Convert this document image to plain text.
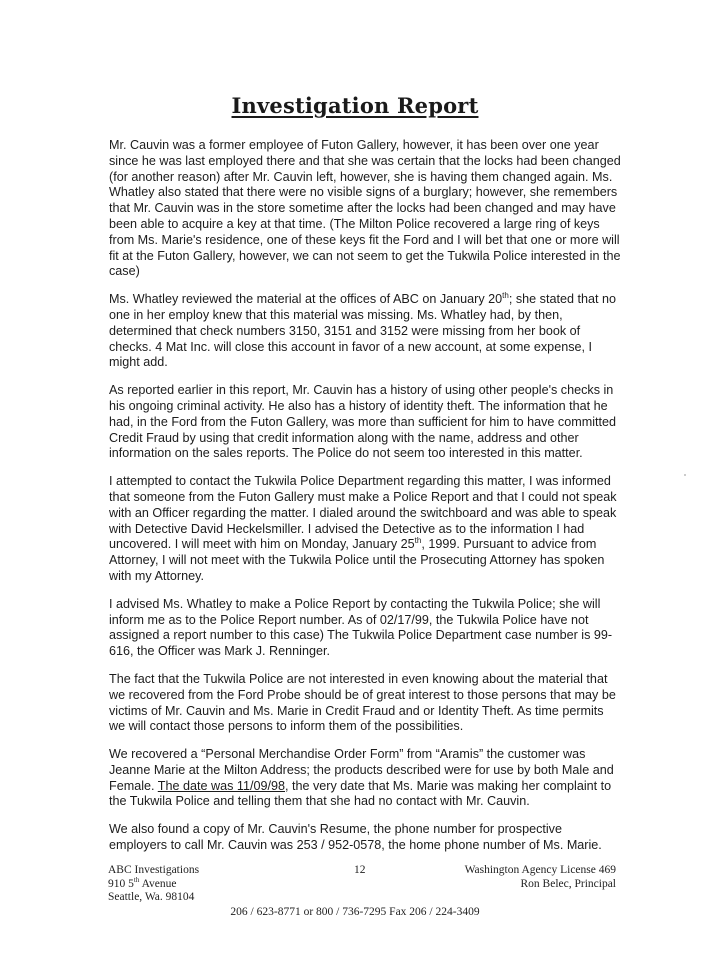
Investigation Report

Mr. Cauvin was a former employee of Futon Gallery, however, it has been over one year since he was last employed there and that she was certain that the locks had been changed (for another reason) after Mr. Cauvin left, however, she is having them changed again. Ms. Whatley also stated that there were no visible signs of a burglary; however, she remembers that Mr. Cauvin was in the store sometime after the locks had been changed and may have been able to acquire a key at that time. (The Milton Police recovered a large ring of keys from Ms. Marie's residence, one of these keys fit the Ford and I will bet that one or more will fit at the Futon Gallery, however, we can not seem to get the Tukwila Police interested in the case)

Ms. Whatley reviewed the material at the offices of ABC on January 20th; she stated that no one in her employ knew that this material was missing. Ms. Whatley had, by then, determined that check numbers 3150, 3151 and 3152 were missing from her book of checks. 4 Mat Inc. will close this account in favor of a new account, at some expense, I might add.

As reported earlier in this report, Mr. Cauvin has a history of using other people's checks in his ongoing criminal activity. He also has a history of identity theft. The information that he had, in the Ford from the Futon Gallery, was more than sufficient for him to have committed Credit Fraud by using that credit information along with the name, address and other information on the sales reports. The Police do not seem too interested in this matter.

I attempted to contact the Tukwila Police Department regarding this matter, I was informed that someone from the Futon Gallery must make a Police Report and that I could not speak with an Officer regarding the matter. I dialed around the switchboard and was able to speak with Detective David Heckelsmiller. I advised the Detective as to the information I had uncovered. I will meet with him on Monday, January 25th, 1999. Pursuant to advice from Attorney, I will not meet with the Tukwila Police until the Prosecuting Attorney has spoken with my Attorney.

I advised Ms. Whatley to make a Police Report by contacting the Tukwila Police; she will inform me as to the Police Report number. As of 02/17/99, the Tukwila Police have not assigned a report number to this case) The Tukwila Police Department case number is 99-616, the Officer was Mark J. Renninger.

The fact that the Tukwila Police are not interested in even knowing about the material that we recovered from the Ford Probe should be of great interest to those persons that may be victims of Mr. Cauvin and Ms. Marie in Credit Fraud and or Identity Theft. As time permits we will contact those persons to inform them of the possibilities.

We recovered a “Personal Merchandise Order Form” from “Aramis” the customer was Jeanne Marie at the Milton Address; the products described were for use by both Male and Female. The date was 11/09/98, the very date that Ms. Marie was making her complaint to the Tukwila Police and telling them that she had no contact with Mr. Cauvin.

We also found a copy of Mr. Cauvin's Resume, the phone number for prospective employers to call Mr. Cauvin was 253 / 952-0578, the home phone number of Ms. Marie.

ABC Investigations
910 5th Avenue
Seattle, Wa. 98104
12	Washington Agency License 469
Ron Belec, Principal
206 / 623-8771 or 800 / 736-7295 Fax 206 / 224-3409
